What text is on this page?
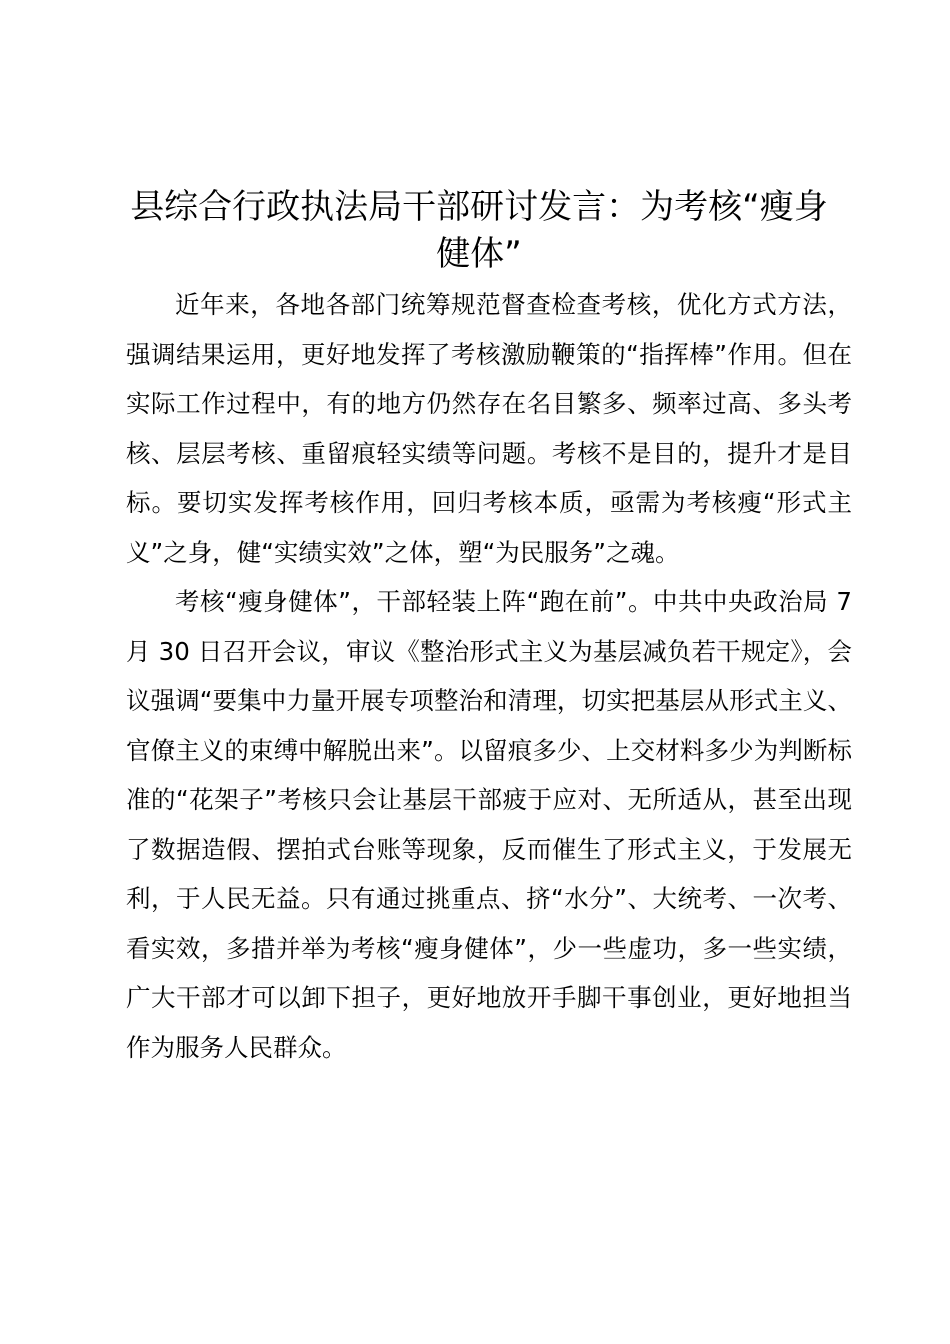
县综合行政执法局干部研讨发言：为考核“瘦身健体”

近年来，各地各部门统筹规范督查检查考核，优化方式方法，强调结果运用，更好地发挥了考核激励鞭策的“指挥棒”作用。但在实际工作过程中，有的地方仍然存在名目繁多、频率过高、多头考核、层层考核、重留痕轻实绩等问题。考核不是目的，提升才是目标。要切实发挥考核作用，回归考核本质，亟需为考核瘦“形式主义”之身，健“实绩实效”之体，塑“为民服务”之魂。

考核“瘦身健体”，干部轻装上阵“跑在前”。中共中央政治局 7 月 30 日召开会议，审议《整治形式主义为基层减负若干规定》，会议强调“要集中力量开展专项整治和清理，切实把基层从形式主义、官僚主义的束缚中解脱出来”。以留痕多少、上交材料多少为判断标准的“花架子”考核只会让基层干部疲于应对、无所适从，甚至出现了数据造假、摆拍式台账等现象，反而催生了形式主义，于发展无利，于人民无益。只有通过挑重点、挤“水分”、大统考、一次考、看实效，多措并举为考核“瘦身健体”，少一些虚功，多一些实绩，广大干部才可以卸下担子，更好地放开手脚干事创业，更好地担当作为服务人民群众。
